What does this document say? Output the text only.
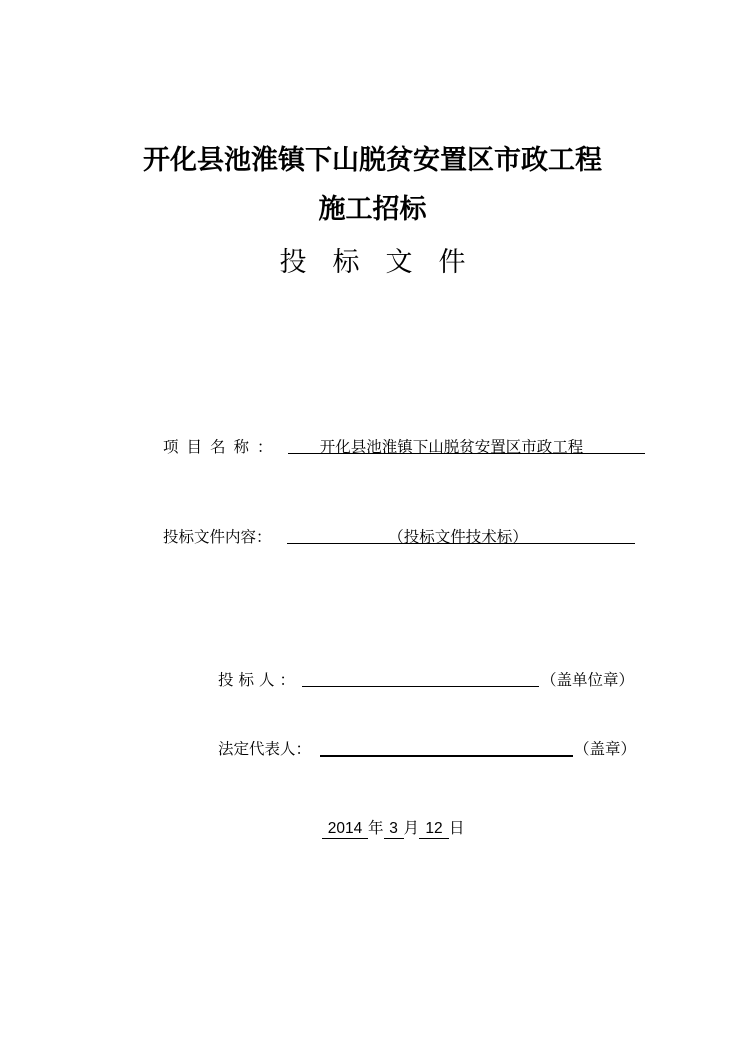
开化县池淮镇下山脱贫安置区市政工程
施工招标
投标文件
项目名称：	开化县池淮镇下山脱贫安置区市政工程
投标文件内容：	（投标文件技术标）
投标人：	（盖单位章）
法定代表人：	（盖章）
2014 年 3 月 12 日
